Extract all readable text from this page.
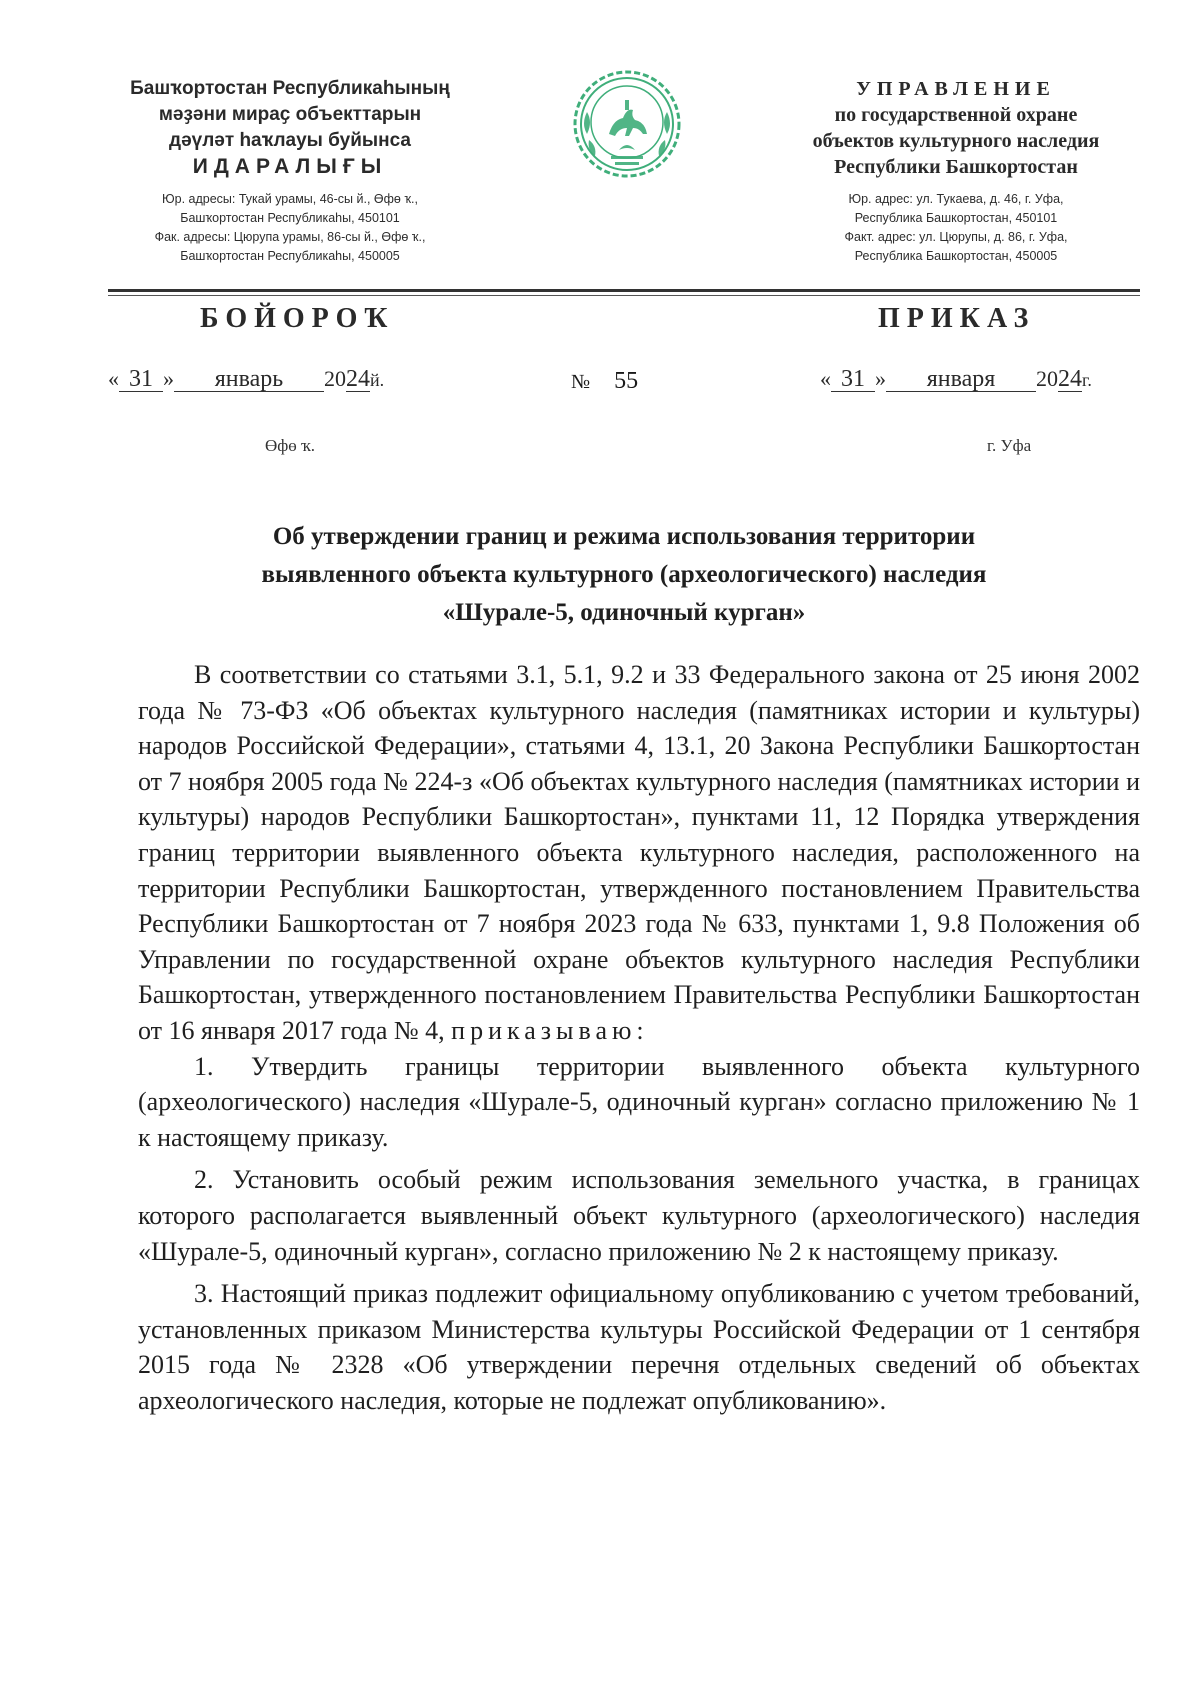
Башҡортостан Республикаһының
мәҙәни мираҫ объекттарын
дәүләт һаҡлауы буйынса
ИДАРАЛЫҒЫ
Юр. адресы: Тукай урамы, 46-сы й., Өфө ҡ.,
Башҡортостан Республикаһы, 450101
Фак. адресы: Цюрупа урамы, 86-сы й., Өфө ҡ.,
Башҡортостан Республикаһы, 450005
УПРАВЛЕНИЕ
по государственной охране
объектов культурного наследия
Республики Башкортостан
Юр. адрес: ул. Тукаева, д. 46, г. Уфа,
Республика Башкортостан, 450101
Факт. адрес: ул. Цюрупы, д. 86, г. Уфа,
Республика Башкортостан, 450005
БОЙОРОҠ	ПРИКАЗ
« 31 » январь 2024й.	№ 55	« 31 » января 2024г.
Өфө ҡ.	г. Уфа
Об утверждении границ и режима использования территории
выявленного объекта культурного (археологического) наследия
«Шурале-5, одиночный курган»

В соответствии со статьями 3.1, 5.1, 9.2 и 33 Федерального закона от 25 июня 2002 года № 73-ФЗ «Об объектах культурного наследия (памятниках истории и культуры) народов Российской Федерации», статьями 4, 13.1, 20 Закона Республики Башкортостан от 7 ноября 2005 года № 224-з «Об объектах культурного наследия (памятниках истории и культуры) народов Республики Башкортостан», пунктами 11, 12 Порядка утверждения границ территории выявленного объекта культурного наследия, расположенного на территории Республики Башкортостан, утвержденного постановлением Правительства Республики Башкортостан от 7 ноября 2023 года № 633, пунктами 1, 9.8 Положения об Управлении по государственной охране объектов культурного наследия Республики Башкортостан, утвержденного постановлением Правительства Республики Башкортостан от 16 января 2017 года № 4, приказываю:

1. Утвердить границы территории выявленного объекта культурного (археологического) наследия «Шурале-5, одиночный курган» согласно приложению № 1 к настоящему приказу.

2. Установить особый режим использования земельного участка, в границах которого располагается выявленный объект культурного (археологического) наследия «Шурале-5, одиночный курган», согласно приложению № 2 к настоящему приказу.

3. Настоящий приказ подлежит официальному опубликованию с учетом требований, установленных приказом Министерства культуры Российской Федерации от 1 сентября 2015 года № 2328 «Об утверждении перечня отдельных сведений об объектах археологического наследия, которые не подлежат опубликованию».
